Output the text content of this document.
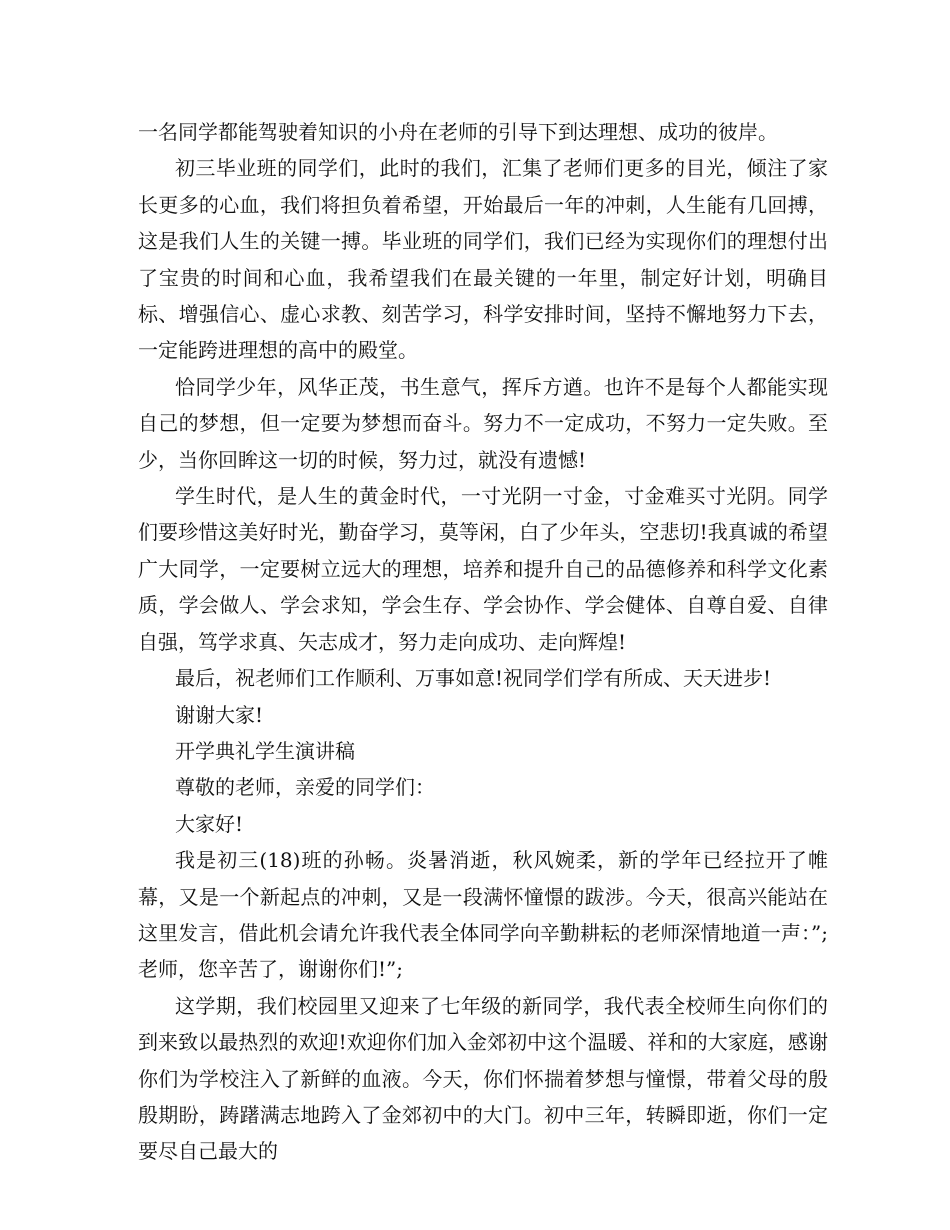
一名同学都能驾驶着知识的小舟在老师的引导下到达理想、成功的彼岸。

初三毕业班的同学们，此时的我们，汇集了老师们更多的目光，倾注了家长更多的心血，我们将担负着希望，开始最后一年的冲刺，人生能有几回搏，这是我们人生的关键一搏。毕业班的同学们，我们已经为实现你们的理想付出了宝贵的时间和心血，我希望我们在最关键的一年里，制定好计划，明确目标、增强信心、虚心求教、刻苦学习，科学安排时间，坚持不懈地努力下去，一定能跨进理想的高中的殿堂。

恰同学少年，风华正茂，书生意气，挥斥方遒。也许不是每个人都能实现自己的梦想，但一定要为梦想而奋斗。努力不一定成功，不努力一定失败。至少，当你回眸这一切的时候，努力过，就没有遗憾!

学生时代，是人生的黄金时代，一寸光阴一寸金，寸金难买寸光阴。同学们要珍惜这美好时光，勤奋学习，莫等闲，白了少年头，空悲切!我真诚的希望广大同学，一定要树立远大的理想，培养和提升自己的品德修养和科学文化素质，学会做人、学会求知，学会生存、学会协作、学会健体、自尊自爱、自律自强，笃学求真、矢志成才，努力走向成功、走向辉煌!

最后，祝老师们工作顺利、万事如意!祝同学们学有所成、天天进步!

谢谢大家!

开学典礼学生演讲稿

尊敬的老师，亲爱的同学们：

大家好!

我是初三(18)班的孙畅。炎暑消逝，秋风婉柔，新的学年已经拉开了帷幕，又是一个新起点的冲刺，又是一段满怀憧憬的跋涉。今天，很高兴能站在这里发言，借此机会请允许我代表全体同学向辛勤耕耘的老师深情地道一声：”;老师，您辛苦了，谢谢你们!”;

这学期，我们校园里又迎来了七年级的新同学，我代表全校师生向你们的到来致以最热烈的欢迎!欢迎你们加入金郊初中这个温暖、祥和的大家庭，感谢你们为学校注入了新鲜的血液。今天，你们怀揣着梦想与憧憬，带着父母的殷殷期盼，踌躇满志地跨入了金郊初中的大门。初中三年，转瞬即逝，你们一定要尽自己最大的
